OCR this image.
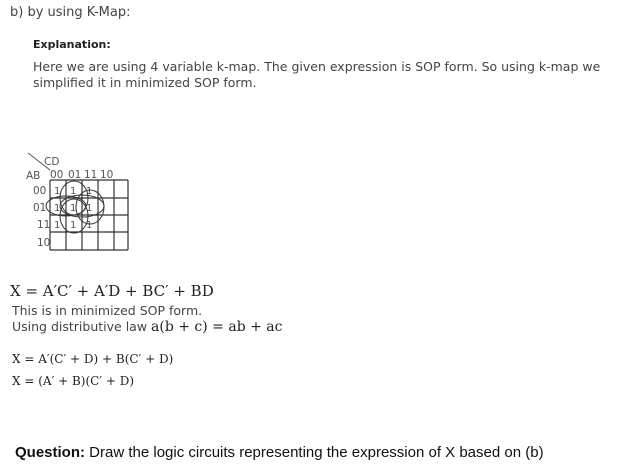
b) by using K-Map:
Explanation:
Here we are using 4 variable k-map. The given expression is SOP form. So using k-map we simplified it in minimized SOP form.
CD
AB 00 01 11 10
00
01
11
10
1 1 1
1 1 1
1 1 1
X = A′C′ + A′D + BC′ + BD
This is in minimized SOP form.
Using distributive law a(b + c) = ab + ac
X = A′(C′ + D) + B(C′ + D)
X = (A′ + B)(C′ + D)
Question: Draw the logic circuits representing the expression of X based on (b)
